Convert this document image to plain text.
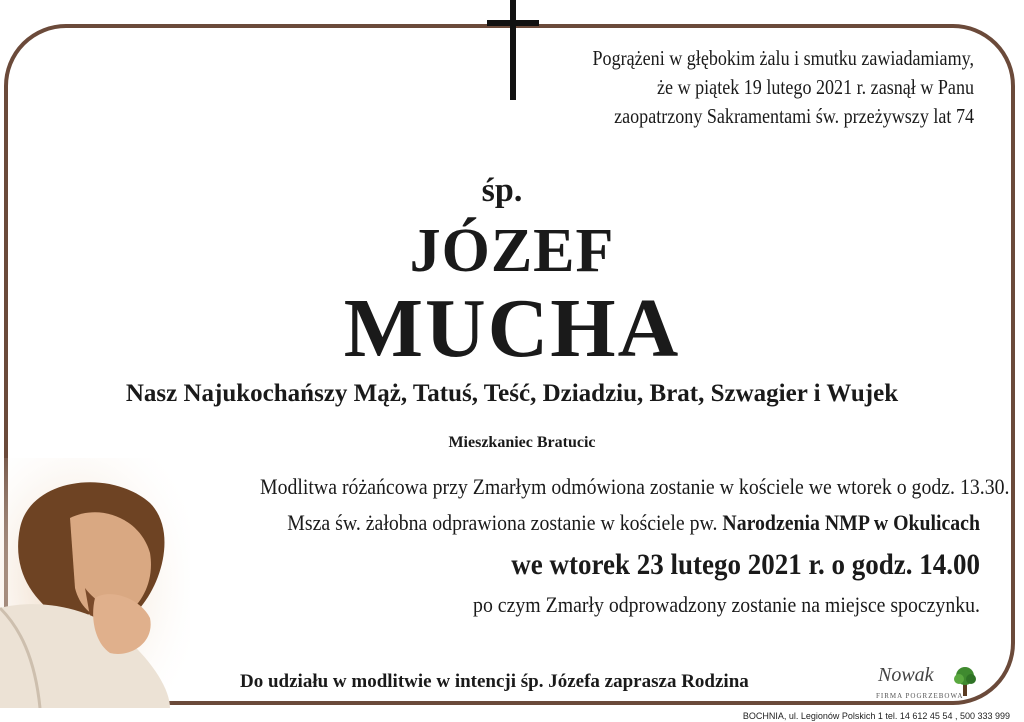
Pogrążeni w głębokim żalu i smutku zawiadamiamy,
że w piątek 19 lutego 2021 r. zasnął w Panu
zaopatrzony Sakramentami św. przeżywszy lat 74
śp.
JÓZEF
MUCHA
Nasz Najukochańszy Mąż, Tatuś, Teść, Dziadziu, Brat, Szwagier i Wujek
Mieszkaniec Bratucic
Modlitwa różańcowa przy Zmarłym odmówiona zostanie w kościele we wtorek o godz. 13.30.
Msza św. żałobna odprawiona zostanie w kościele pw. Narodzenia NMP w Okulicach
we wtorek 23 lutego 2021 r. o godz. 14.00
po czym Zmarły odprowadzony zostanie na miejsce spoczynku.
Do udziału w modlitwie w intencji śp. Józefa zaprasza Rodzina	Nowak
FIRMA POGRZEBOWA
BOCHNIA, ul. Legionów Polskich 1 tel. 14 612 45 54 , 500 333 999
